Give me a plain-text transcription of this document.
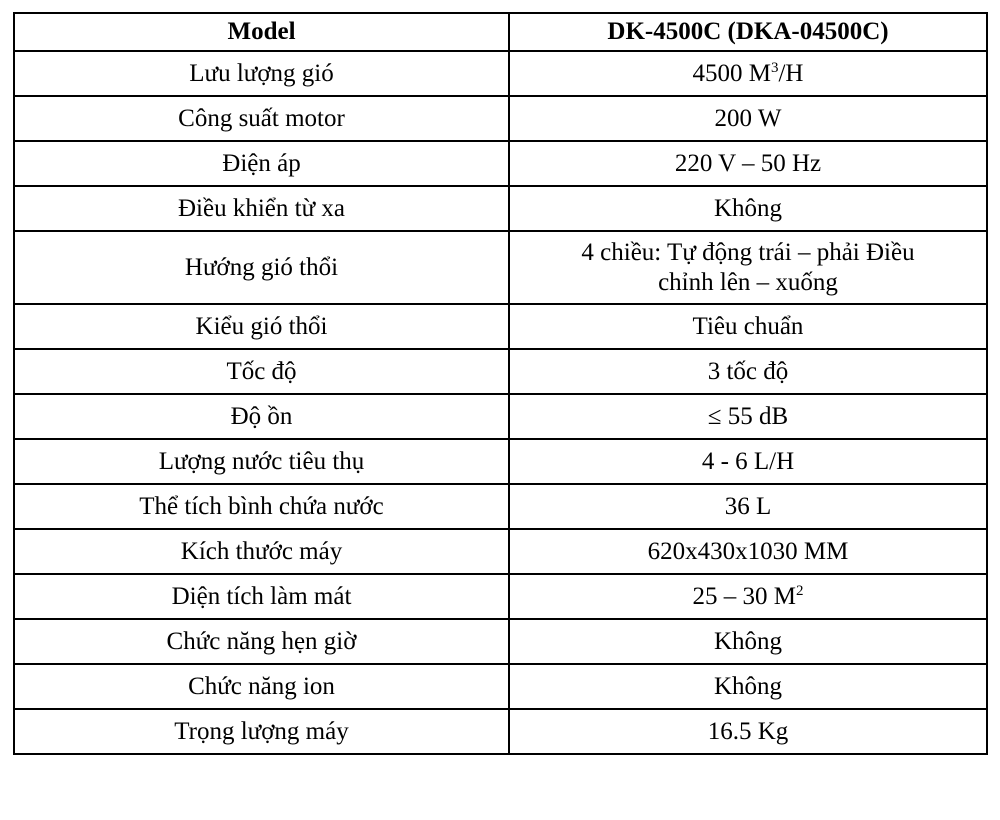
Model	DK-4500C (DKA-04500C)
Lưu lượng gió	4500 $M^3/H$
Công suất motor	200 W
Điện áp	220 V – 50 Hz
Điều khiển từ xa	Không
Hướng gió thổi	4 chiều: Tự động trái – phải Điều
chỉnh lên – xuống
Kiểu gió thổi	Tiêu chuẩn
Tốc độ	3 tốc độ
Độ ồn	≤ 55 dB
Lượng nước tiêu thụ	4 - 6 L/H
Thể tích bình chứa nước	36 L
Kích thước máy	620x430x1030 MM
Diện tích làm mát	25 – 30 $M^2$
Chức năng hẹn giờ	Không
Chức năng ion	Không
Trọng lượng máy	16.5 Kg
